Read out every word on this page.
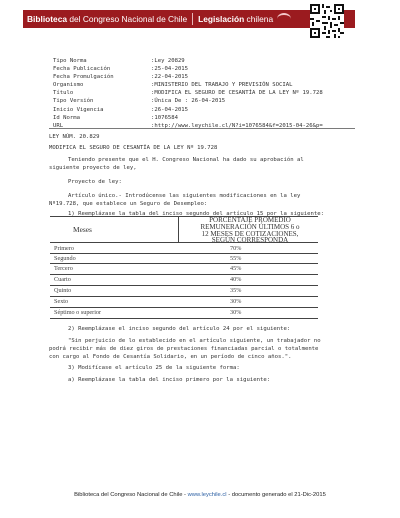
Biblioteca del Congreso Nacional de Chile Legislación chilena
Tipo Norma	:Ley 20829
Fecha Publicación	:25-04-2015
Fecha Promulgación	:22-04-2015
Organismo	:MINISTERIO DEL TRABAJO Y PREVISIÓN SOCIAL
Título	:MODIFICA EL SEGURO DE CESANTÍA DE LA LEY Nº 19.728
Tipo Versión	:Única De : 26-04-2015
Inicio Vigencia	:26-04-2015
Id Norma	:1076584
URL	:http://www.leychile.cl/N?i=1076584&f=2015-04-26&p=
LEY NÚM. 20.829
MODIFICA EL SEGURO DE CESANTÍA DE LA LEY Nº 19.728
Teniendo presente que el H. Congreso Nacional ha dado su aprobación al
siguiente proyecto de ley,
Proyecto de ley:
Artículo único.- Introdúcense las siguientes modificaciones en la ley
Nº19.728, que establece un Seguro de Desempleo:
1) Reemplázase la tabla del inciso segundo del artículo 15 por la siguiente:
Meses
PORCENTAJE PROMEDIO
REMUNERACIÓN ÚLTIMOS 6 o
12 MESES DE COTIZACIONES,
SEGÚN CORRESPONDA
Primero	70%
Segundo	55%
Tercero	45%
Cuarto	40%
Quinto	35%
Sexto	30%
Séptimo o superior	30%
2) Reemplázase el inciso segundo del artículo 24 por el siguiente:
"Sin perjuicio de lo establecido en el artículo siguiente, un trabajador no
podrá recibir más de diez giros de prestaciones financiadas parcial o totalmente
con cargo al Fondo de Cesantía Solidario, en un período de cinco años.".
3) Modifícase el artículo 25 de la siguiente forma:
a) Reemplázase la tabla del inciso primero por la siguiente:
Biblioteca del Congreso Nacional de Chile - www.leychile.cl - documento generado el 21-Dic-2015
